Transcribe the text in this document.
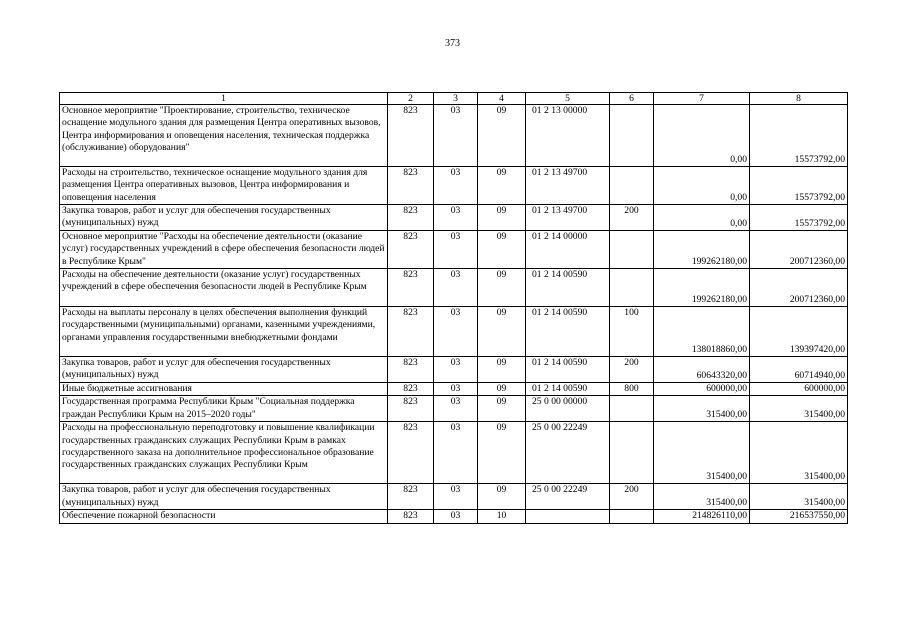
373
1	2	3	4	5	6	7	8
Основное мероприятие "Проектирование, строительство, техническое оснащение модульного здания для размещения Центра оперативных вызовов, Центра информирования и оповещения населения, техническая поддержка (обслуживание) оборудования"	823	03	09	01 2 13 00000		0,00	15573792,00
Расходы на строительство, техническое оснащение модульного здания для размещения Центра оперативных вызовов, Центра информирования и оповещения населения	823	03	09	01 2 13 49700		0,00	15573792,00
Закупка товаров, работ и услуг для обеспечения государственных (муниципальных) нужд	823	03	09	01 2 13 49700	200	0,00	15573792,00
Основное мероприятие "Расходы на обеспечение деятельности (оказание услуг) государственных учреждений в сфере обеспечения безопасности людей в Республике Крым"	823	03	09	01 2 14 00000		199262180,00	200712360,00
Расходы на обеспечение деятельности (оказание услуг) государственных учреждений в сфере обеспечения безопасности людей в Республике Крым	823	03	09	01 2 14 00590		199262180,00	200712360,00
Расходы на выплаты персоналу в целях обеспечения выполнения функций государственными (муниципальными) органами, казенными учреждениями, органами управления государственными внебюджетными фондами	823	03	09	01 2 14 00590	100	138018860,00	139397420,00
Закупка товаров, работ и услуг для обеспечения государственных (муниципальных) нужд	823	03	09	01 2 14 00590	200	60643320,00	60714940,00
Иные бюджетные ассигнования	823	03	09	01 2 14 00590	800	600000,00	600000,00
Государственная программа Республики Крым "Социальная поддержка граждан Республики Крым на 2015–2020 годы"	823	03	09	25 0 00 00000		315400,00	315400,00
Расходы на профессиональную переподготовку и повышение квалификации государственных гражданских служащих Республики Крым в рамках государственного заказа на дополнительное профессиональное образование государственных гражданских служащих Республики Крым	823	03	09	25 0 00 22249		315400,00	315400,00
Закупка товаров, работ и услуг для обеспечения государственных (муниципальных) нужд	823	03	09	25 0 00 22249	200	315400,00	315400,00
Обеспечение пожарной безопасности	823	03	10			214826110,00	216537550,00
